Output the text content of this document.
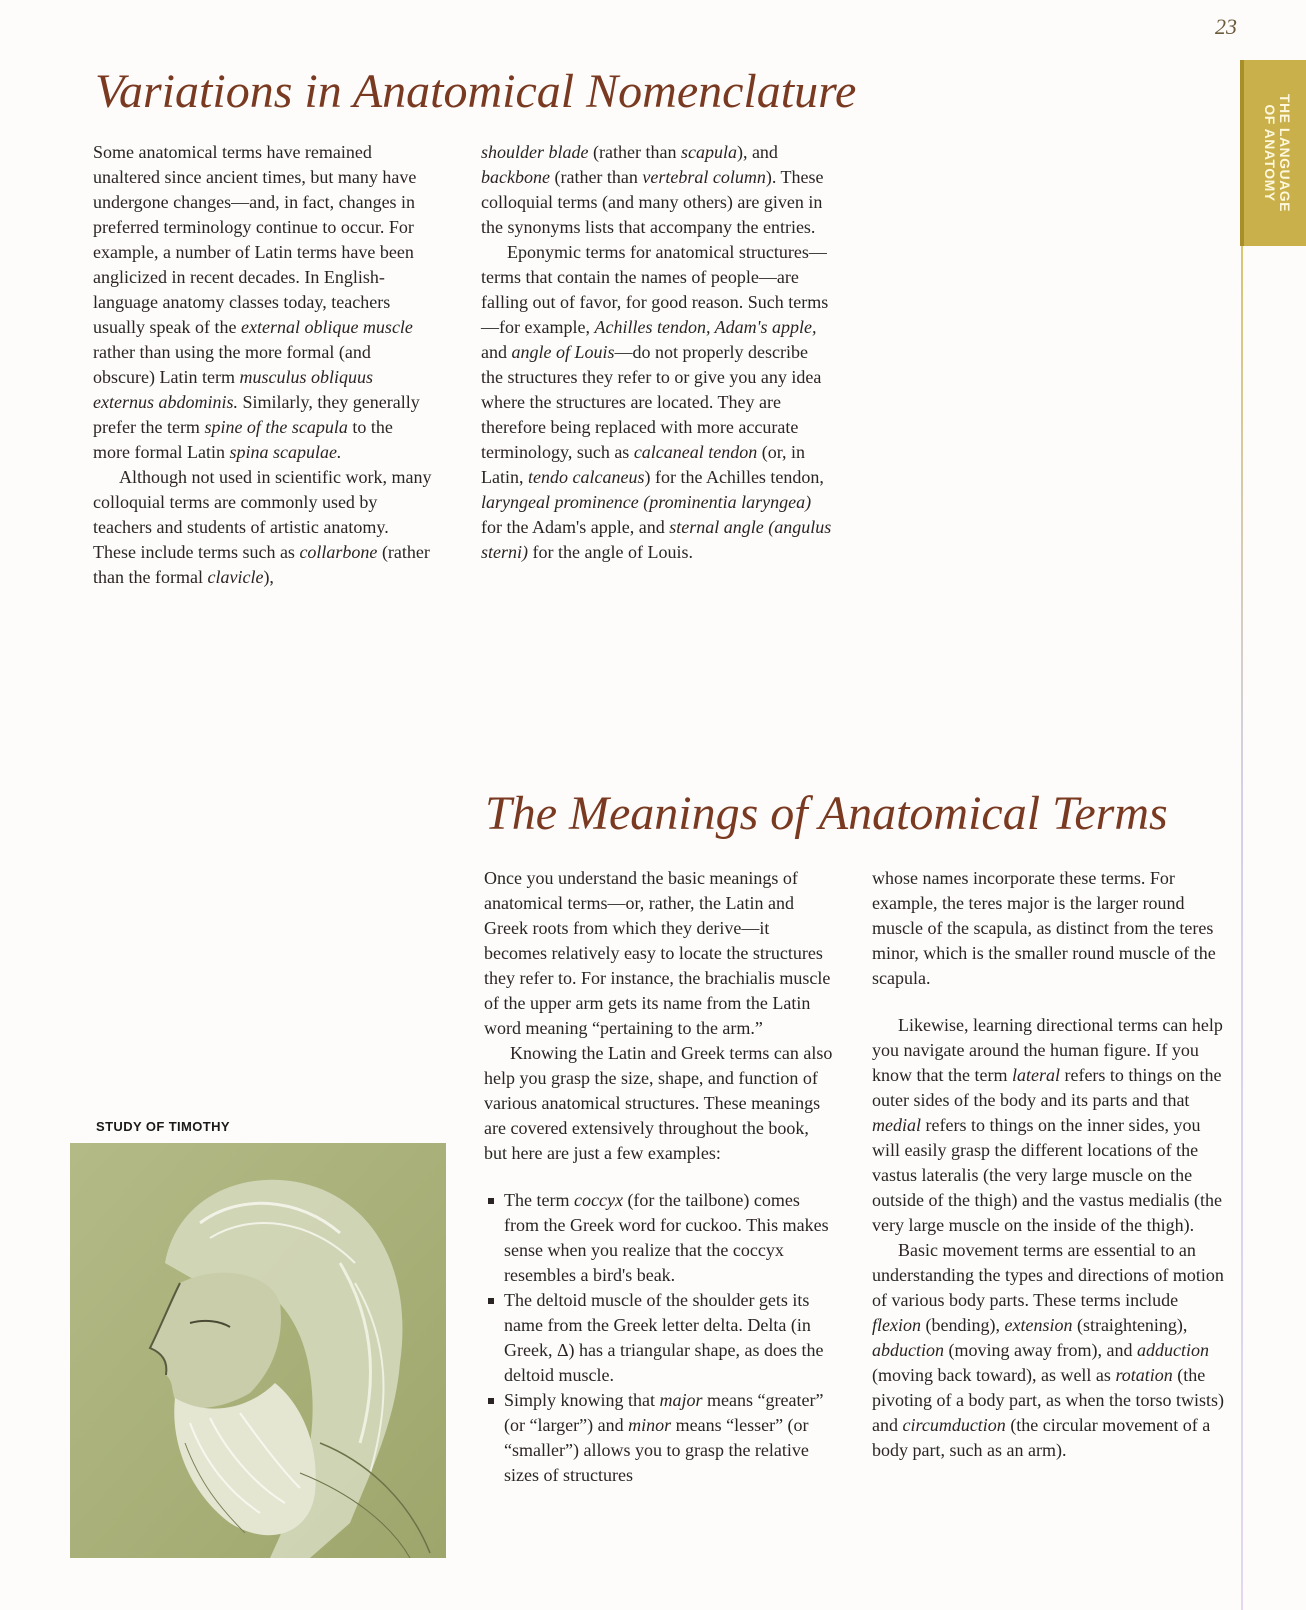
23
THE LANGUAGE
OF ANATOMY
Variations in Anatomical Nomenclature

Some anatomical terms have remained unaltered since ancient times, but many have undergone changes—and, in fact, changes in preferred terminology continue to occur. For example, a number of Latin terms have been anglicized in recent decades. In English-language anatomy classes today, teachers usually speak of the external oblique muscle rather than using the more formal (and obscure) Latin term musculus obliquus externus abdominis. Similarly, they generally prefer the term spine of the scapula to the more formal Latin spina scapulae.

Although not used in scientific work, many colloquial terms are commonly used by teachers and students of artistic anatomy. These include terms such as collarbone (rather than the formal clavicle),

shoulder blade (rather than scapula), and backbone (rather than vertebral column). These colloquial terms (and many others) are given in the synonyms lists that accompany the entries.

Eponymic terms for anatomical structures—terms that contain the names of people—are falling out of favor, for good reason. Such terms—for example, Achilles tendon, Adam's apple, and angle of Louis—do not properly describe the structures they refer to or give you any idea where the structures are located. They are therefore being replaced with more accurate terminology, such as calcaneal tendon (or, in Latin, tendo calcaneus) for the Achilles tendon, laryngeal prominence (prominentia laryngea) for the Adam's apple, and sternal angle (angulus sterni) for the angle of Louis.

The Meanings of Anatomical Terms

Once you understand the basic meanings of anatomical terms—or, rather, the Latin and Greek roots from which they derive—it becomes relatively easy to locate the structures they refer to. For instance, the brachialis muscle of the upper arm gets its name from the Latin word meaning “pertaining to the arm.”

Knowing the Latin and Greek terms can also help you grasp the size, shape, and function of various anatomical structures. These meanings are covered extensively throughout the book, but here are just a few examples:

The term coccyx (for the tailbone) comes from the Greek word for cuckoo. This makes sense when you realize that the coccyx resembles a bird's beak.
The deltoid muscle of the shoulder gets its name from the Greek letter delta. Delta (in Greek, Δ) has a triangular shape, as does the deltoid muscle.
Simply knowing that major means “greater” (or “larger”) and minor means “lesser” (or “smaller”) allows you to grasp the relative sizes of structures

whose names incorporate these terms. For example, the teres major is the larger round muscle of the scapula, as distinct from the teres minor, which is the smaller round muscle of the scapula.

Likewise, learning directional terms can help you navigate around the human figure. If you know that the term lateral refers to things on the outer sides of the body and its parts and that medial refers to things on the inner sides, you will easily grasp the different locations of the vastus lateralis (the very large muscle on the outside of the thigh) and the vastus medialis (the very large muscle on the inside of the thigh).

Basic movement terms are essential to an understanding the types and directions of motion of various body parts. These terms include flexion (bending), extension (straightening), abduction (moving away from), and adduction (moving back toward), as well as rotation (the pivoting of a body part, as when the torso twists) and circumduction (the circular movement of a body part, such as an arm).

STUDY OF TIMOTHY
